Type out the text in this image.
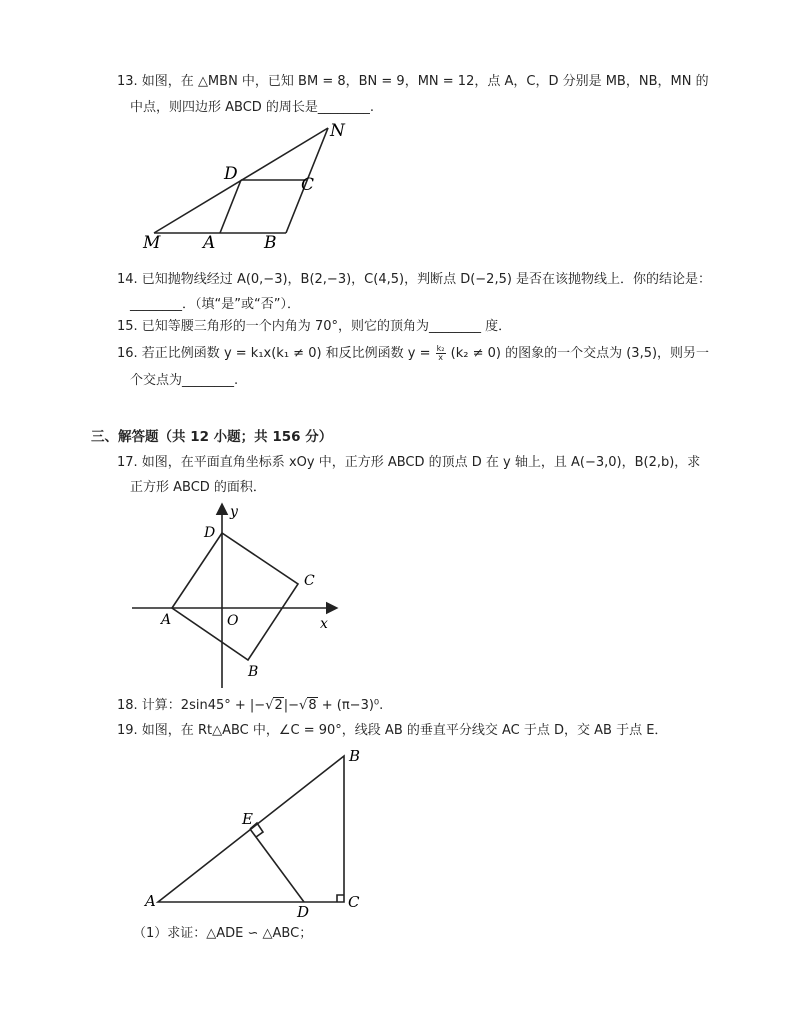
13. 如图，在 △MBN 中，已知 BM = 8，BN = 9，MN = 12，点 A，C，D 分别是 MB，NB，MN 的
中点，则四边形 ABCD 的周长是________.
N
D
C
M	A	B
14. 已知抛物线经过 A(0,−3)，B(2,−3)，C(4,5)，判断点 D(−2,5) 是否在该抛物线上．你的结论是：
________．（填“是”或“否”）．
15. 已知等腰三角形的一个内角为 70°，则它的顶角为________ 度．
16. 若正比例函数 y = k₁x(k₁ ≠ 0) 和反比例函数 $y = \frac{\text{k₂}}{x} (k_2 \ne 0)$ 的图象的一个交点为 (3,5)，则另一
个交点为________.
三、解答题（共 12 小题；共 156 分）
17. 如图，在平面直角坐标系 xOy 中，正方形 ABCD 的顶点 D 在 y 轴上，且 A(−3,0)，B(2,b)，求
正方形 ABCD 的面积．
y
x
O
A
B
C
D
18. 计算：2sin45° + |−√2|−√8 + (π−3)⁰.
19. 如图，在 Rt△ABC 中，∠C = 90°，线段 AB 的垂直平分线交 AC 于点 D，交 AB 于点 E．
A
B
C
D
E
（1）求证：△ADE ∽ △ABC；
